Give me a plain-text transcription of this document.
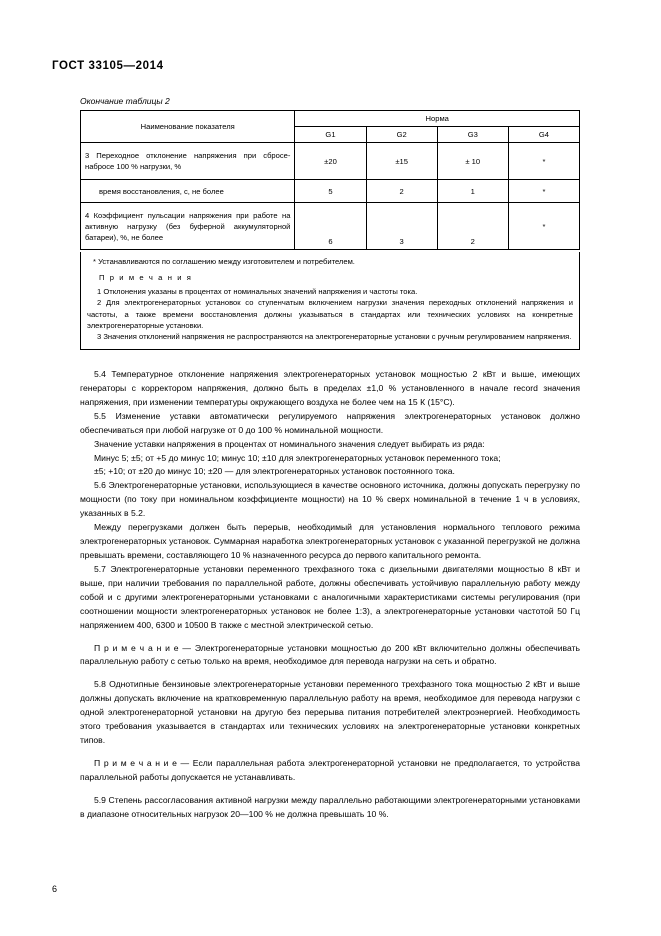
ГОСТ 33105—2014
Окончание таблицы 2
Наименование показателя	Норма			
	G1	G2	G3	G4
3 Переходное отклонение напряжения при сбросе-набросе 100 % нагрузки, %	±20	±15	± 10	*
время восстановления, с, не более	5	2	1	*
4 Коэффициент пульсации напряжения при работе на активную нагрузку (без буферной аккумуляторной батареи), %, не более	6	3	2	*
* Устанавливаются по соглашению между изготовителем и потребителем.
П р и м е ч а н и я
1 Отклонения указаны в процентах от номинальных значений напряжения и частоты тока.
2 Для электрогенераторных установок со ступенчатым включением нагрузки значения переходных отклонений напряжения и частоты, а также времени восстановления должны указываться в стандартах или технических условиях на конкретные электрогенераторные установки.
3 Значения отклонений напряжения не распространяются на электрогенераторные установки с ручным регулированием напряжения.

5.4 Температурное отклонение напряжения электрогенераторных установок мощностью 2 кВт и выше, имеющих генераторы с корректором напряжения, должно быть в пределах ±1,0 % установленного в начале record значения напряжения, при изменении температуры окружающего воздуха не более чем на 15 К (15°С).

5.5 Изменение уставки автоматически регулируемого напряжения электрогенераторных установок должно обеспечиваться при любой нагрузке от 0 до 100 % номинальной мощности.

Значение уставки напряжения в процентах от номинального значения следует выбирать из ряда:

Минус 5; ±5; от +5 до минус 10; минус 10; ±10 для электрогенераторных установок переменного тока;

±5; +10; от ±20 до минус 10; ±20 — для электрогенераторных установок постоянного тока.

5.6 Электрогенераторные установки, использующиеся в качестве основного источника, должны допускать перегрузку по мощности (по току при номинальном коэффициенте мощности) на 10 % сверх номинальной в течение 1 ч в условиях, указанных в 5.2.

Между перегрузками должен быть перерыв, необходимый для установления нормального теплового режима электрогенераторных установок. Суммарная наработка электрогенераторных установок с указанной перегрузкой не должна превышать времени, составляющего 10 % назначенного ресурса до первого капитального ремонта.

5.7 Электрогенераторные установки переменного трехфазного тока с дизельными двигателями мощностью 8 кВт и выше, при наличии требования по параллельной работе, должны обеспечивать устойчивую параллельную работу между собой и с другими электрогенераторными установками с аналогичными характеристиками системы регулирования (при соотношении мощности электрогенераторных установок не более 1:3), а электрогенераторные установки частотой 50 Гц напряжением 400, 6300 и 10500 В также с местной электрической сетью.

П р и м е ч а н и е — Электрогенераторные установки мощностью до 200 кВт включительно должны обеспечивать параллельную работу с сетью только на время, необходимое для перевода нагрузки на сеть и обратно.

5.8 Однотипные бензиновые электрогенераторные установки переменного трехфазного тока мощностью 2 кВт и выше должны допускать включение на кратковременную параллельную работу на время, необходимое для перевода нагрузки с одной электрогенераторной установки на другую без перерыва питания потребителей электроэнергией. Необходимость этого требования указывается в стандартах или технических условиях на электрогенераторные установки конкретных типов.

П р и м е ч а н и е — Если параллельная работа электрогенераторной установки не предполагается, то устройства параллельной работы допускается не устанавливать.

5.9 Степень рассогласования активной нагрузки между параллельно работающими электрогенераторными установками в диапазоне относительных нагрузок 20—100 % не должна превышать 10 %.

6
